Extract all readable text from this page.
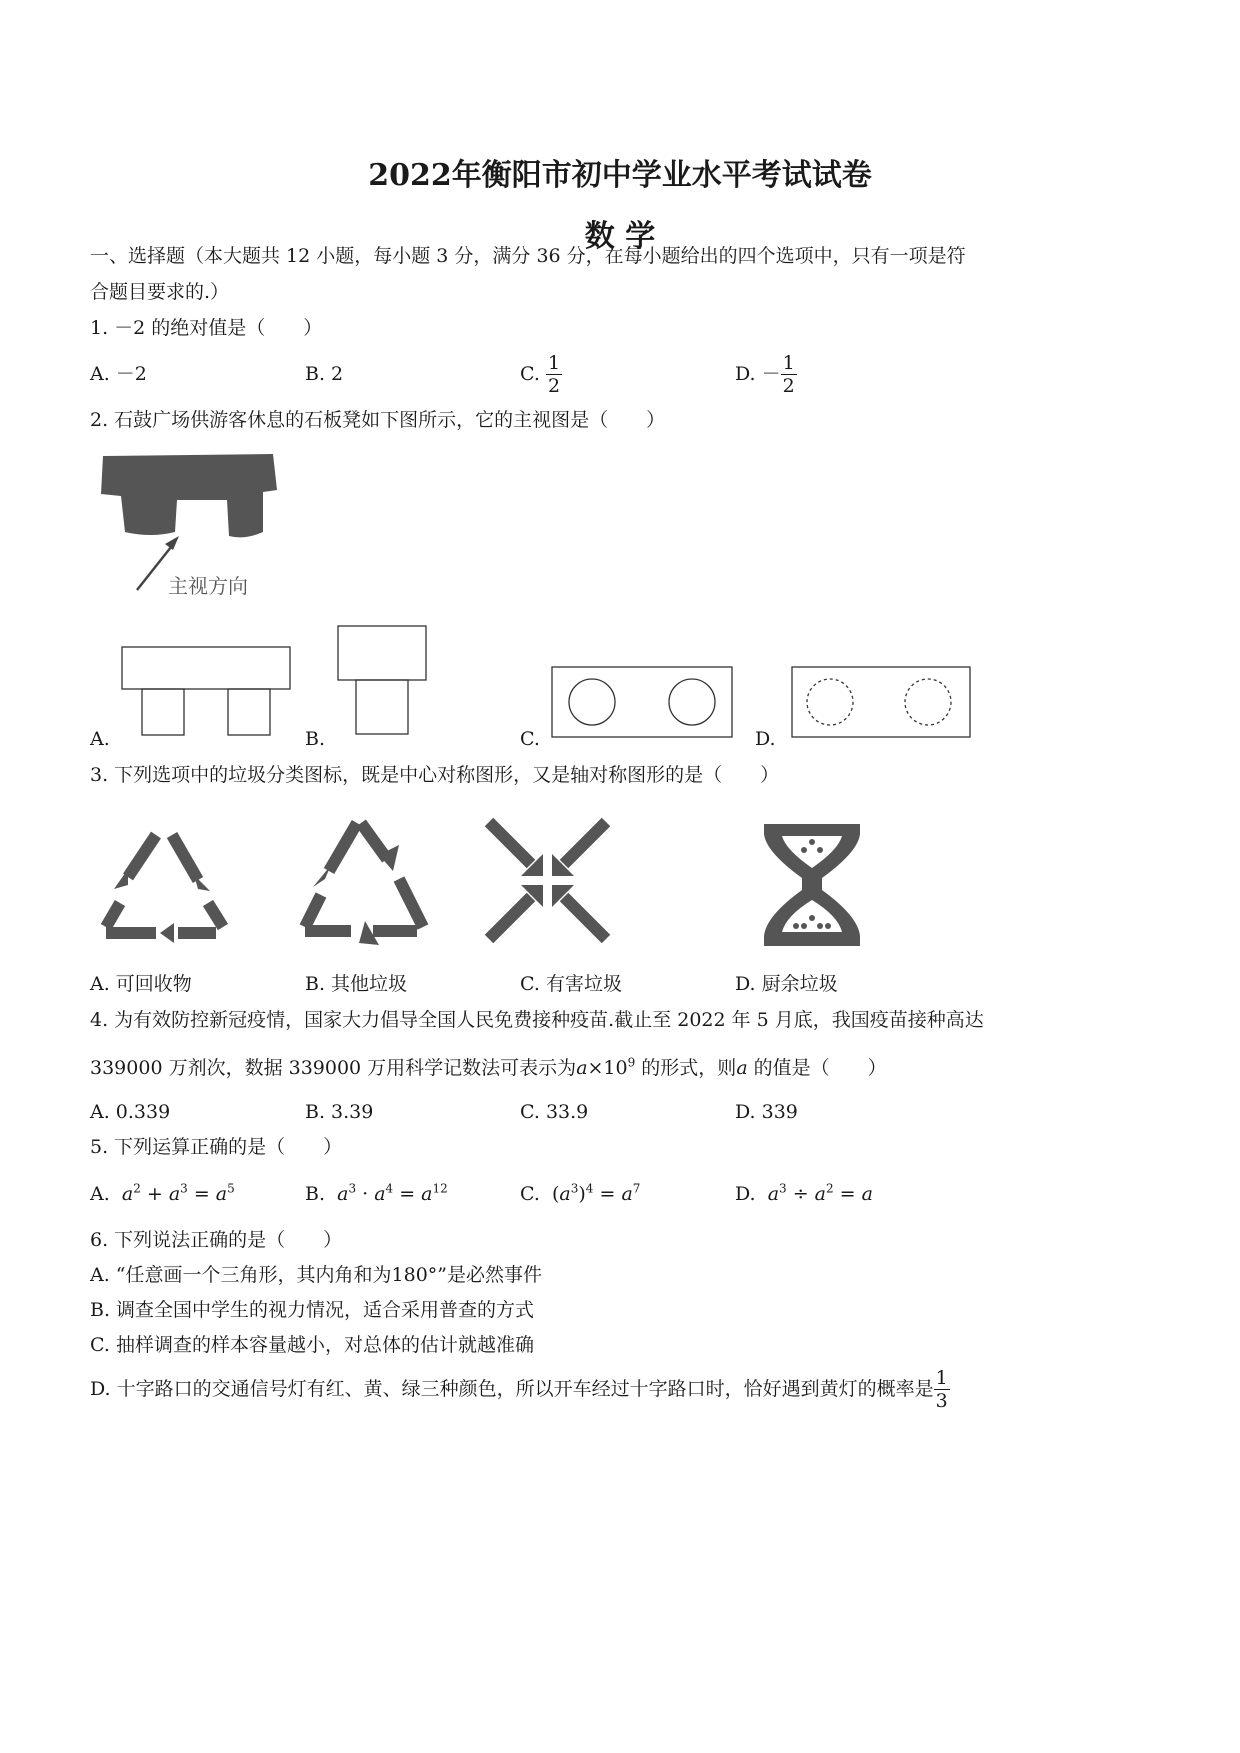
2022年衡阳市初中学业水平考试试卷
数 学
一、选择题（本大题共 12 小题，每小题 3 分，满分 36 分，在每小题给出的四个选项中，只有一项是符
合题目要求的.）
1. －2 的绝对值是（　　）
A. －2	B. 2	C.
$\frac{1}{2}$	D. － $\frac{1}{2}$
2. 石鼓广场供游客休息的石板凳如下图所示，它的主视图是（　　）
主视方向
A.	B.	C.	D.
3. 下列选项中的垃圾分类图标，既是中心对称图形，又是轴对称图形的是（　　）
A. 可回收物	B. 其他垃圾	C. 有害垃圾	D. 厨余垃圾
4. 为有效防控新冠疫情，国家大力倡导全国人民免费接种疫苗.截止至 2022 年 5 月底，我国疫苗接种高达
339000 万剂次，数据 339000 万用科学记数法可表示为$a\times 10^9$ 的形式，则a 的值是（　　）
A. 0.339	B. 3.39	C. 33.9	D. 339
5. 下列运算正确的是（　　）
A. $a^2 + a^3 = a^5$	B. $a^3 \cdot a^4 = a^{12}$	C.  $(a^3)^4 = a^7$	D. $a^3 \div a^2 = a$
6. 下列说法正确的是（　　）
A. “任意画一个三角形，其内角和为180°”是必然事件
B. 调查全国中学生的视力情况，适合采用普查的方式
C. 抽样调查的样本容量越小，对总体的估计就越准确
D. 十字路口的交通信号灯有红、黄、绿三种颜色，所以开车经过十字路口时，恰好遇到黄灯的概率是 $\frac{1}{3}$
